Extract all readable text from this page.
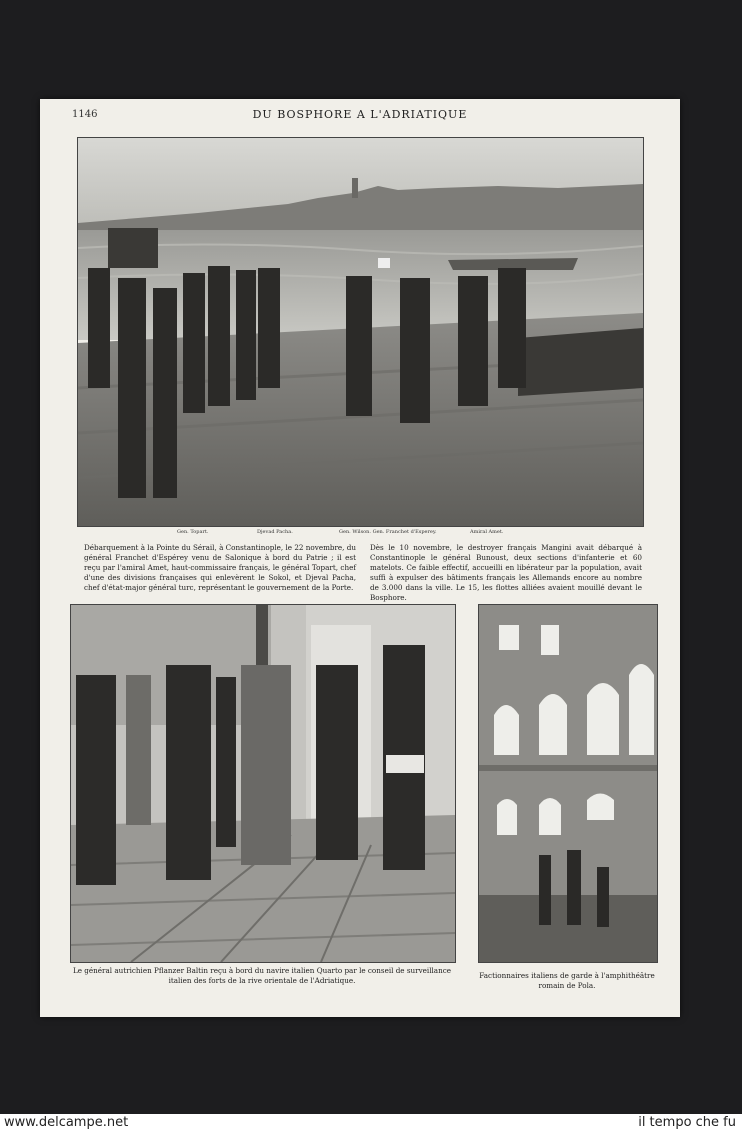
1146	DU BOSPHORE A L'ADRIATIQUE
Gen. Topart.	Djevad Pacha.	Gen. Wilson. Gen. Franchet d'Esperey.	Amiral Amet.

Débarquement à la Pointe du Sérail, à Constantinople, le 22 novembre, du général Franchet d'Espérey venu de Salonique à bord du Patrie ; il est reçu par l'amiral Amet, haut-commissaire français, le général Topart, chef d'une des divisions françaises qui enlevèrent le Sokol, et Djeval Pacha, chef d'état-major général turc, représentant le gouvernement de la Porte.

Dès le 10 novembre, le destroyer français Mangini avait débarqué à Constantinople le général Bunoust, deux sections d'infanterie et 60 matelots. Ce faible effectif, accueilli en libérateur par la population, avait suffi à expulser des bâtiments français les Allemands encore au nombre de 3.000 dans la ville. Le 15, les flottes alliées avaient mouillé devant le Bosphore.

Le général autrichien Pflanzer Baltin reçu à bord du navire italien Quarto par le conseil de surveillance italien des forts de la rive orientale de l'Adriatique.
Factionnaires italiens de garde à l'amphithéâtre romain de Pola.
www.delcampe.net	il tempo che fu
